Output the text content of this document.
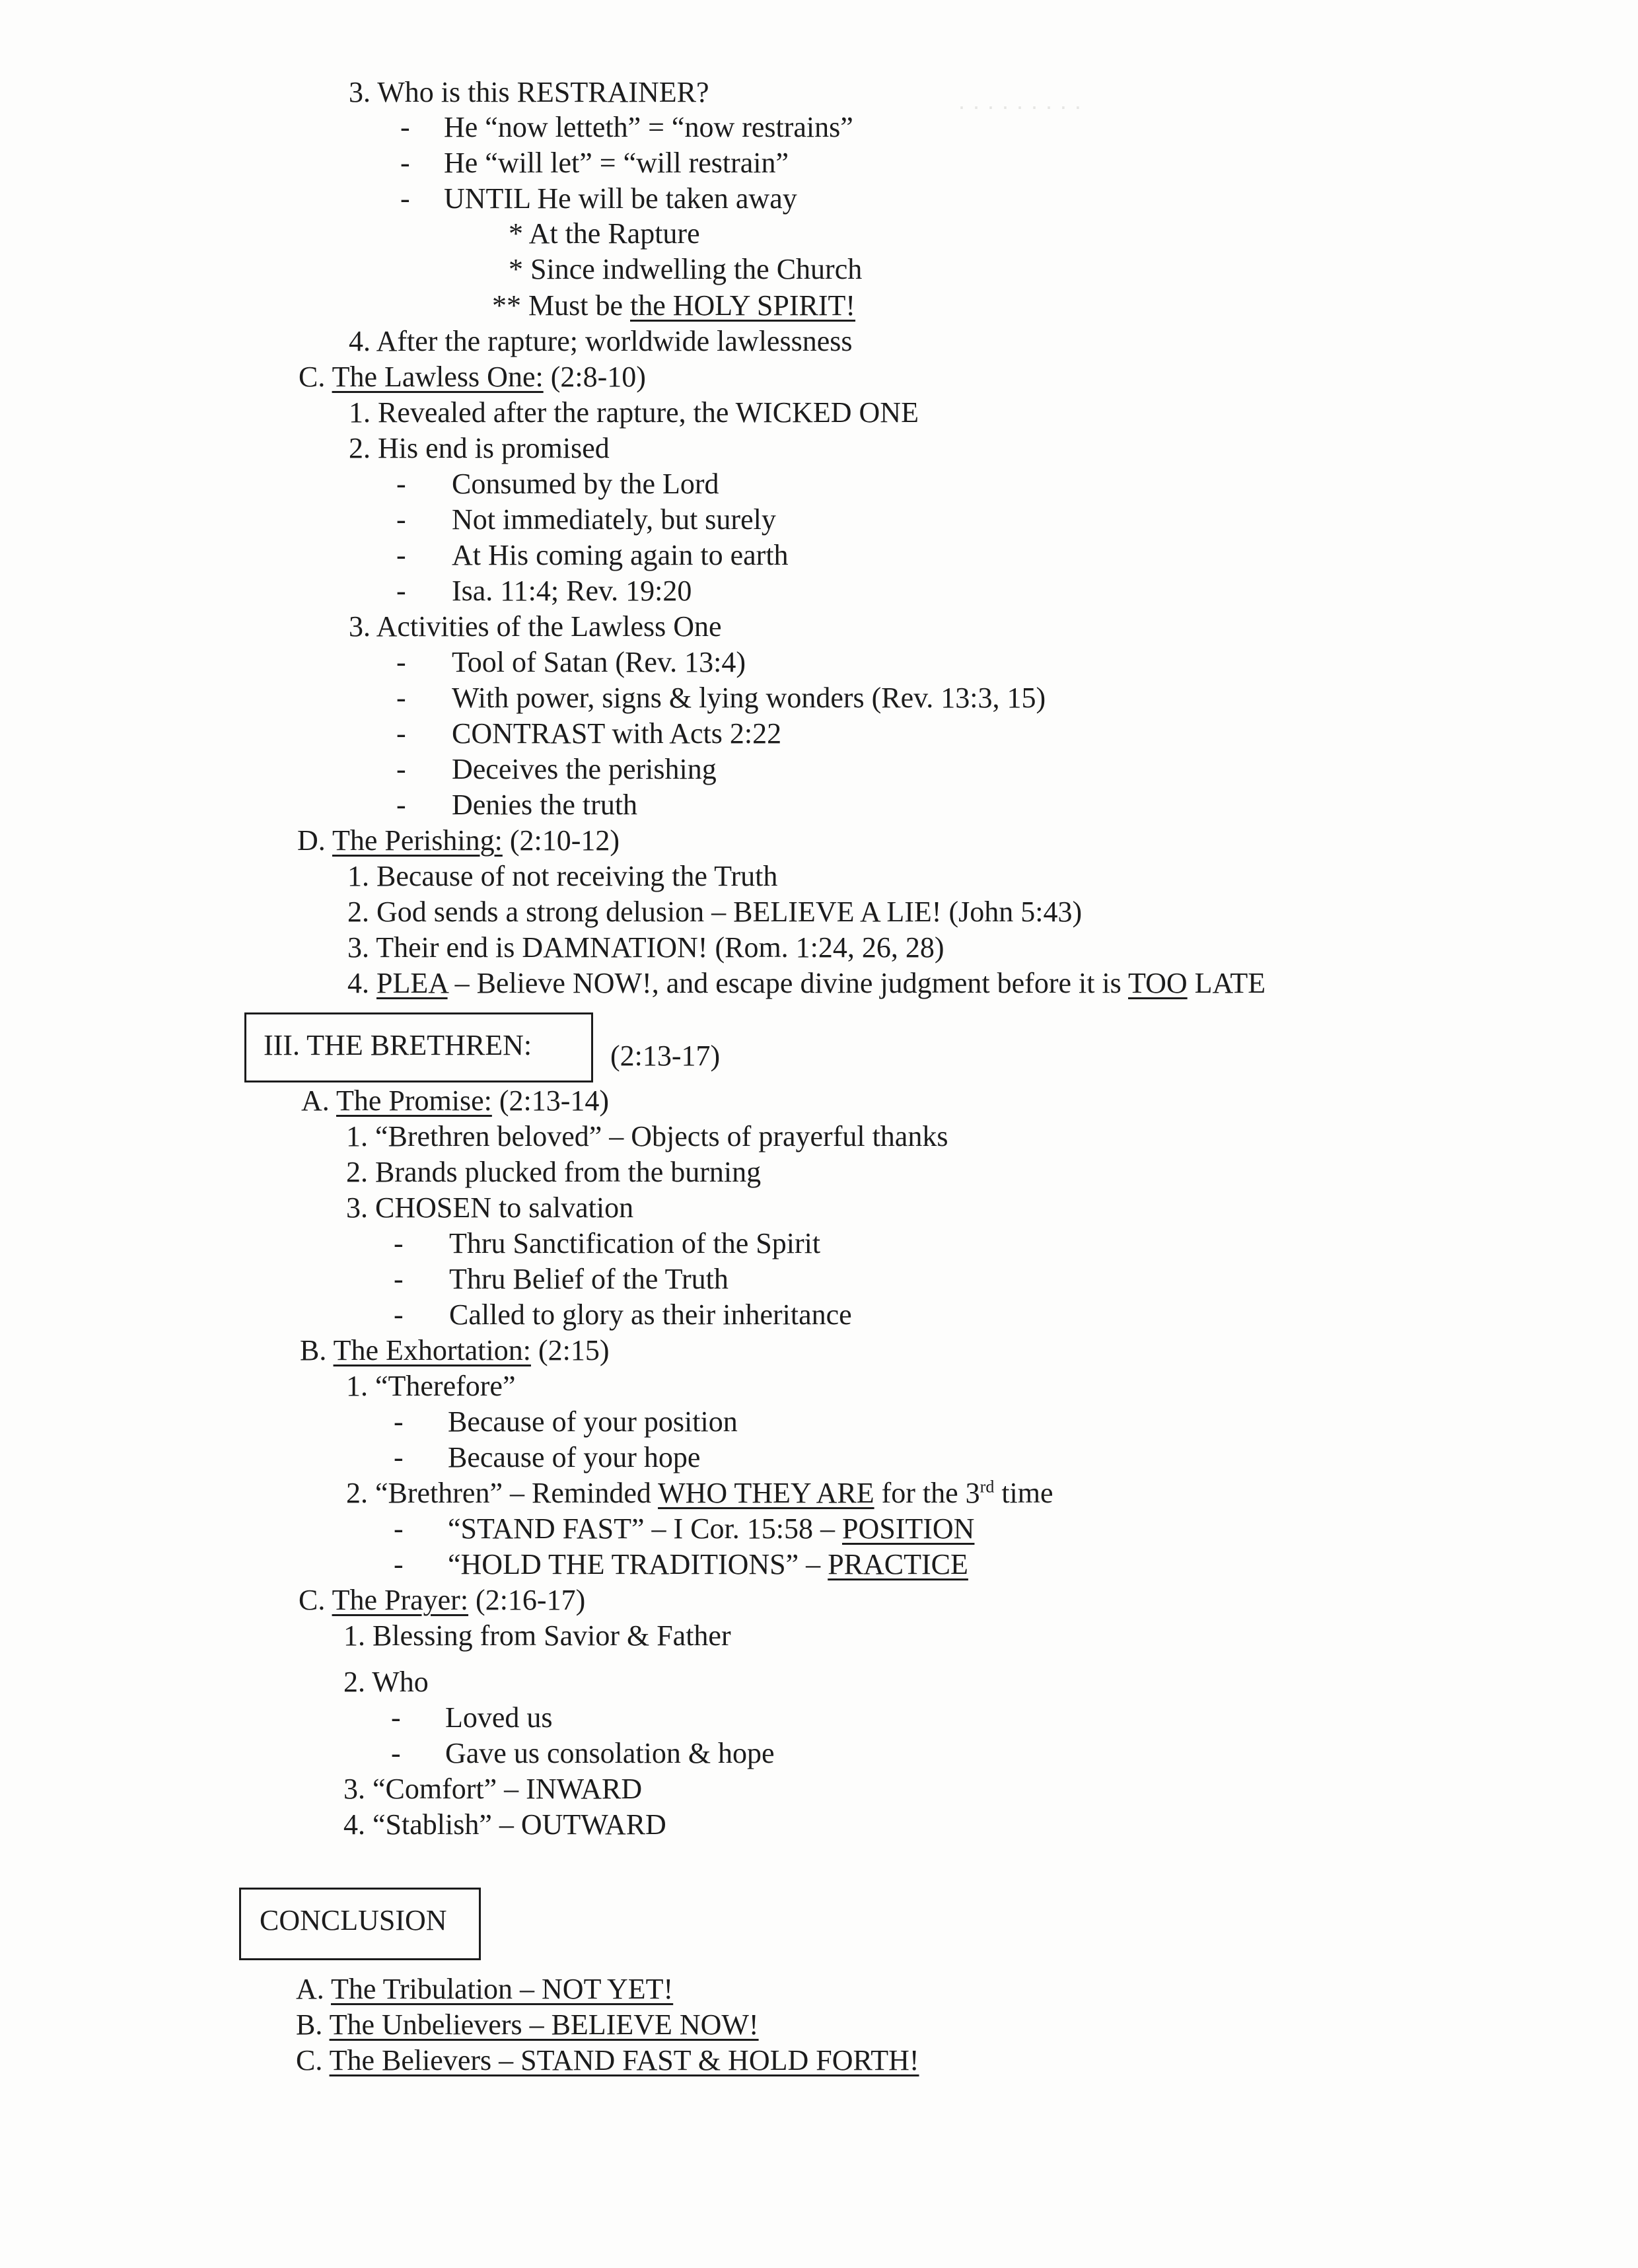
· · · · · · · · ·
3. Who is this RESTRAINER?
- He “now letteth” = “now restrains”
- He “will let” = “will restrain”
- UNTIL He will be taken away
* At the Rapture
* Since indwelling the Church
** Must be the HOLY SPIRIT!
4. After the rapture; worldwide lawlessness
C. The Lawless One: (2:8-10)
1. Revealed after the rapture, the WICKED ONE
2. His end is promised
- Consumed by the Lord
- Not immediately, but surely
- At His coming again to earth
- Isa. 11:4; Rev. 19:20
3. Activities of the Lawless One
- Tool of Satan (Rev. 13:4)
- With power, signs & lying wonders (Rev. 13:3, 15)
- CONTRAST with Acts 2:22
- Deceives the perishing
- Denies the truth
D. The Perishing: (2:10-12)
1. Because of not receiving the Truth
2. God sends a strong delusion – BELIEVE A LIE! (John 5:43)
3. Their end is DAMNATION! (Rom. 1:24, 26, 28)
4. PLEA – Believe NOW!, and escape divine judgment before it is TOO LATE
III. THE BRETHREN:	(2:13-17)
A. The Promise: (2:13-14)
1. “Brethren beloved” – Objects of prayerful thanks
2. Brands plucked from the burning
3. CHOSEN to salvation
- Thru Sanctification of the Spirit
- Thru Belief of the Truth
- Called to glory as their inheritance
B. The Exhortation: (2:15)
1. “Therefore”
- Because of your position
- Because of your hope
2. “Brethren” – Reminded WHO THEY ARE for the 3rd time
- “STAND FAST” – I Cor. 15:58 – POSITION
- “HOLD THE TRADITIONS” – PRACTICE
C. The Prayer: (2:16-17)
1. Blessing from Savior & Father
2. Who
- Loved us
- Gave us consolation & hope
3. “Comfort” – INWARD
4. “Stablish” – OUTWARD
CONCLUSION
A. The Tribulation – NOT YET!
B. The Unbelievers – BELIEVE NOW!
C. The Believers – STAND FAST & HOLD FORTH!
